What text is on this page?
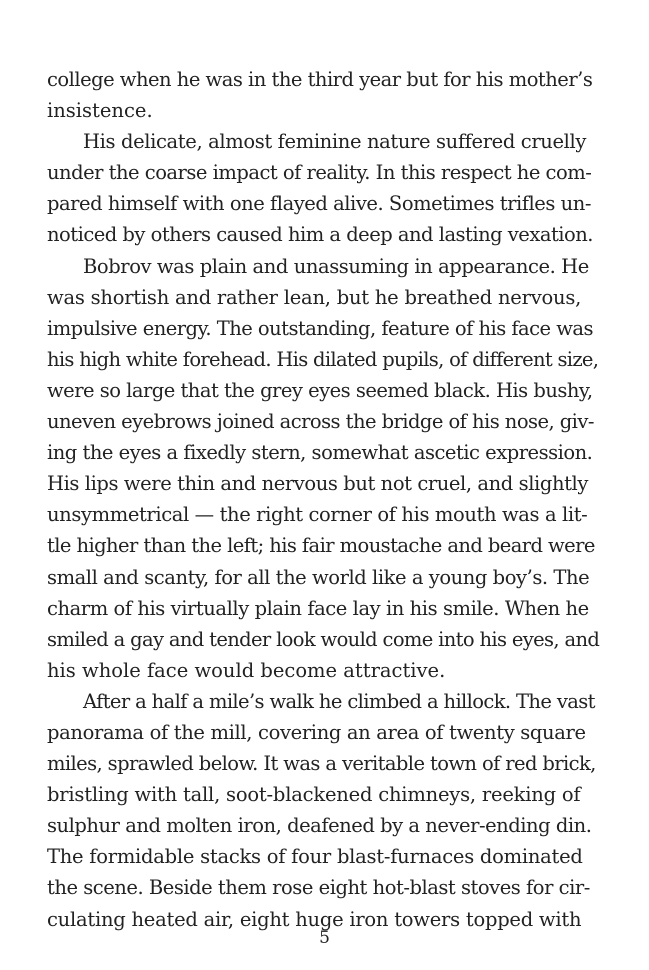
college when he was in the third year but for his mother’s
insistence.
His delicate, almost feminine nature suffered cruelly
under the coarse impact of reality. In this respect he com-
pared himself with one flayed alive. Sometimes trifles un-
noticed by others caused him a deep and lasting vexation.
Bobrov was plain and unassuming in appearance. He
was shortish and rather lean, but he breathed nervous,
impulsive energy. The outstanding, feature of his face was
his high white forehead. His dilated pupils, of different size,
were so large that the grey eyes seemed black. His bushy,
uneven eyebrows joined across the bridge of his nose, giv-
ing the eyes a fixedly stern, somewhat ascetic expression.
His lips were thin and nervous but not cruel, and slightly
unsymmetrical — the right corner of his mouth was a lit-
tle higher than the left; his fair moustache and beard were
small and scanty, for all the world like a young boy’s. The
charm of his virtually plain face lay in his smile. When he
smiled a gay and tender look would come into his eyes, and
his whole face would become attractive.
After a half a mile’s walk he climbed a hillock. The vast
panorama of the mill, covering an area of twenty square
miles, sprawled below. It was a veritable town of red brick,
bristling with tall, soot-blackened chimneys, reeking of
sulphur and molten iron, deafened by a never-ending din.
The formidable stacks of four blast-furnaces dominated
the scene. Beside them rose eight hot-blast stoves for cir-
culating heated air, eight huge iron towers topped with
5
